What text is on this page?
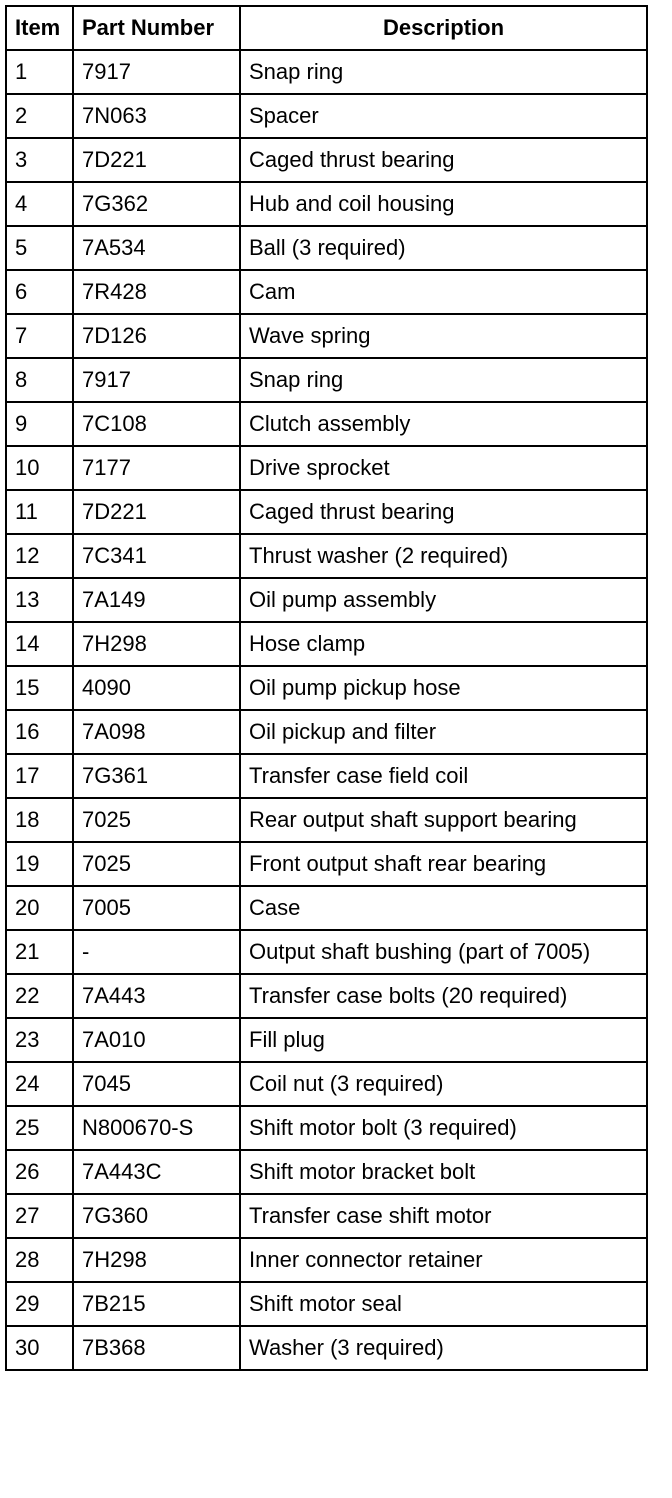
Item	Part Number	Description
1	7917	Snap ring
2	7N063	Spacer
3	7D221	Caged thrust bearing
4	7G362	Hub and coil housing
5	7A534	Ball (3 required)
6	7R428	Cam
7	7D126	Wave spring
8	7917	Snap ring
9	7C108	Clutch assembly
10	7177	Drive sprocket
11	7D221	Caged thrust bearing
12	7C341	Thrust washer (2 required)
13	7A149	Oil pump assembly
14	7H298	Hose clamp
15	4090	Oil pump pickup hose
16	7A098	Oil pickup and filter
17	7G361	Transfer case field coil
18	7025	Rear output shaft support bearing
19	7025	Front output shaft rear bearing
20	7005	Case
21	-	Output shaft bushing (part of 7005)
22	7A443	Transfer case bolts (20 required)
23	7A010	Fill plug
24	7045	Coil nut (3 required)
25	N800670-S	Shift motor bolt (3 required)
26	7A443C	Shift motor bracket bolt
27	7G360	Transfer case shift motor
28	7H298	Inner connector retainer
29	7B215	Shift motor seal
30	7B368	Washer (3 required)
